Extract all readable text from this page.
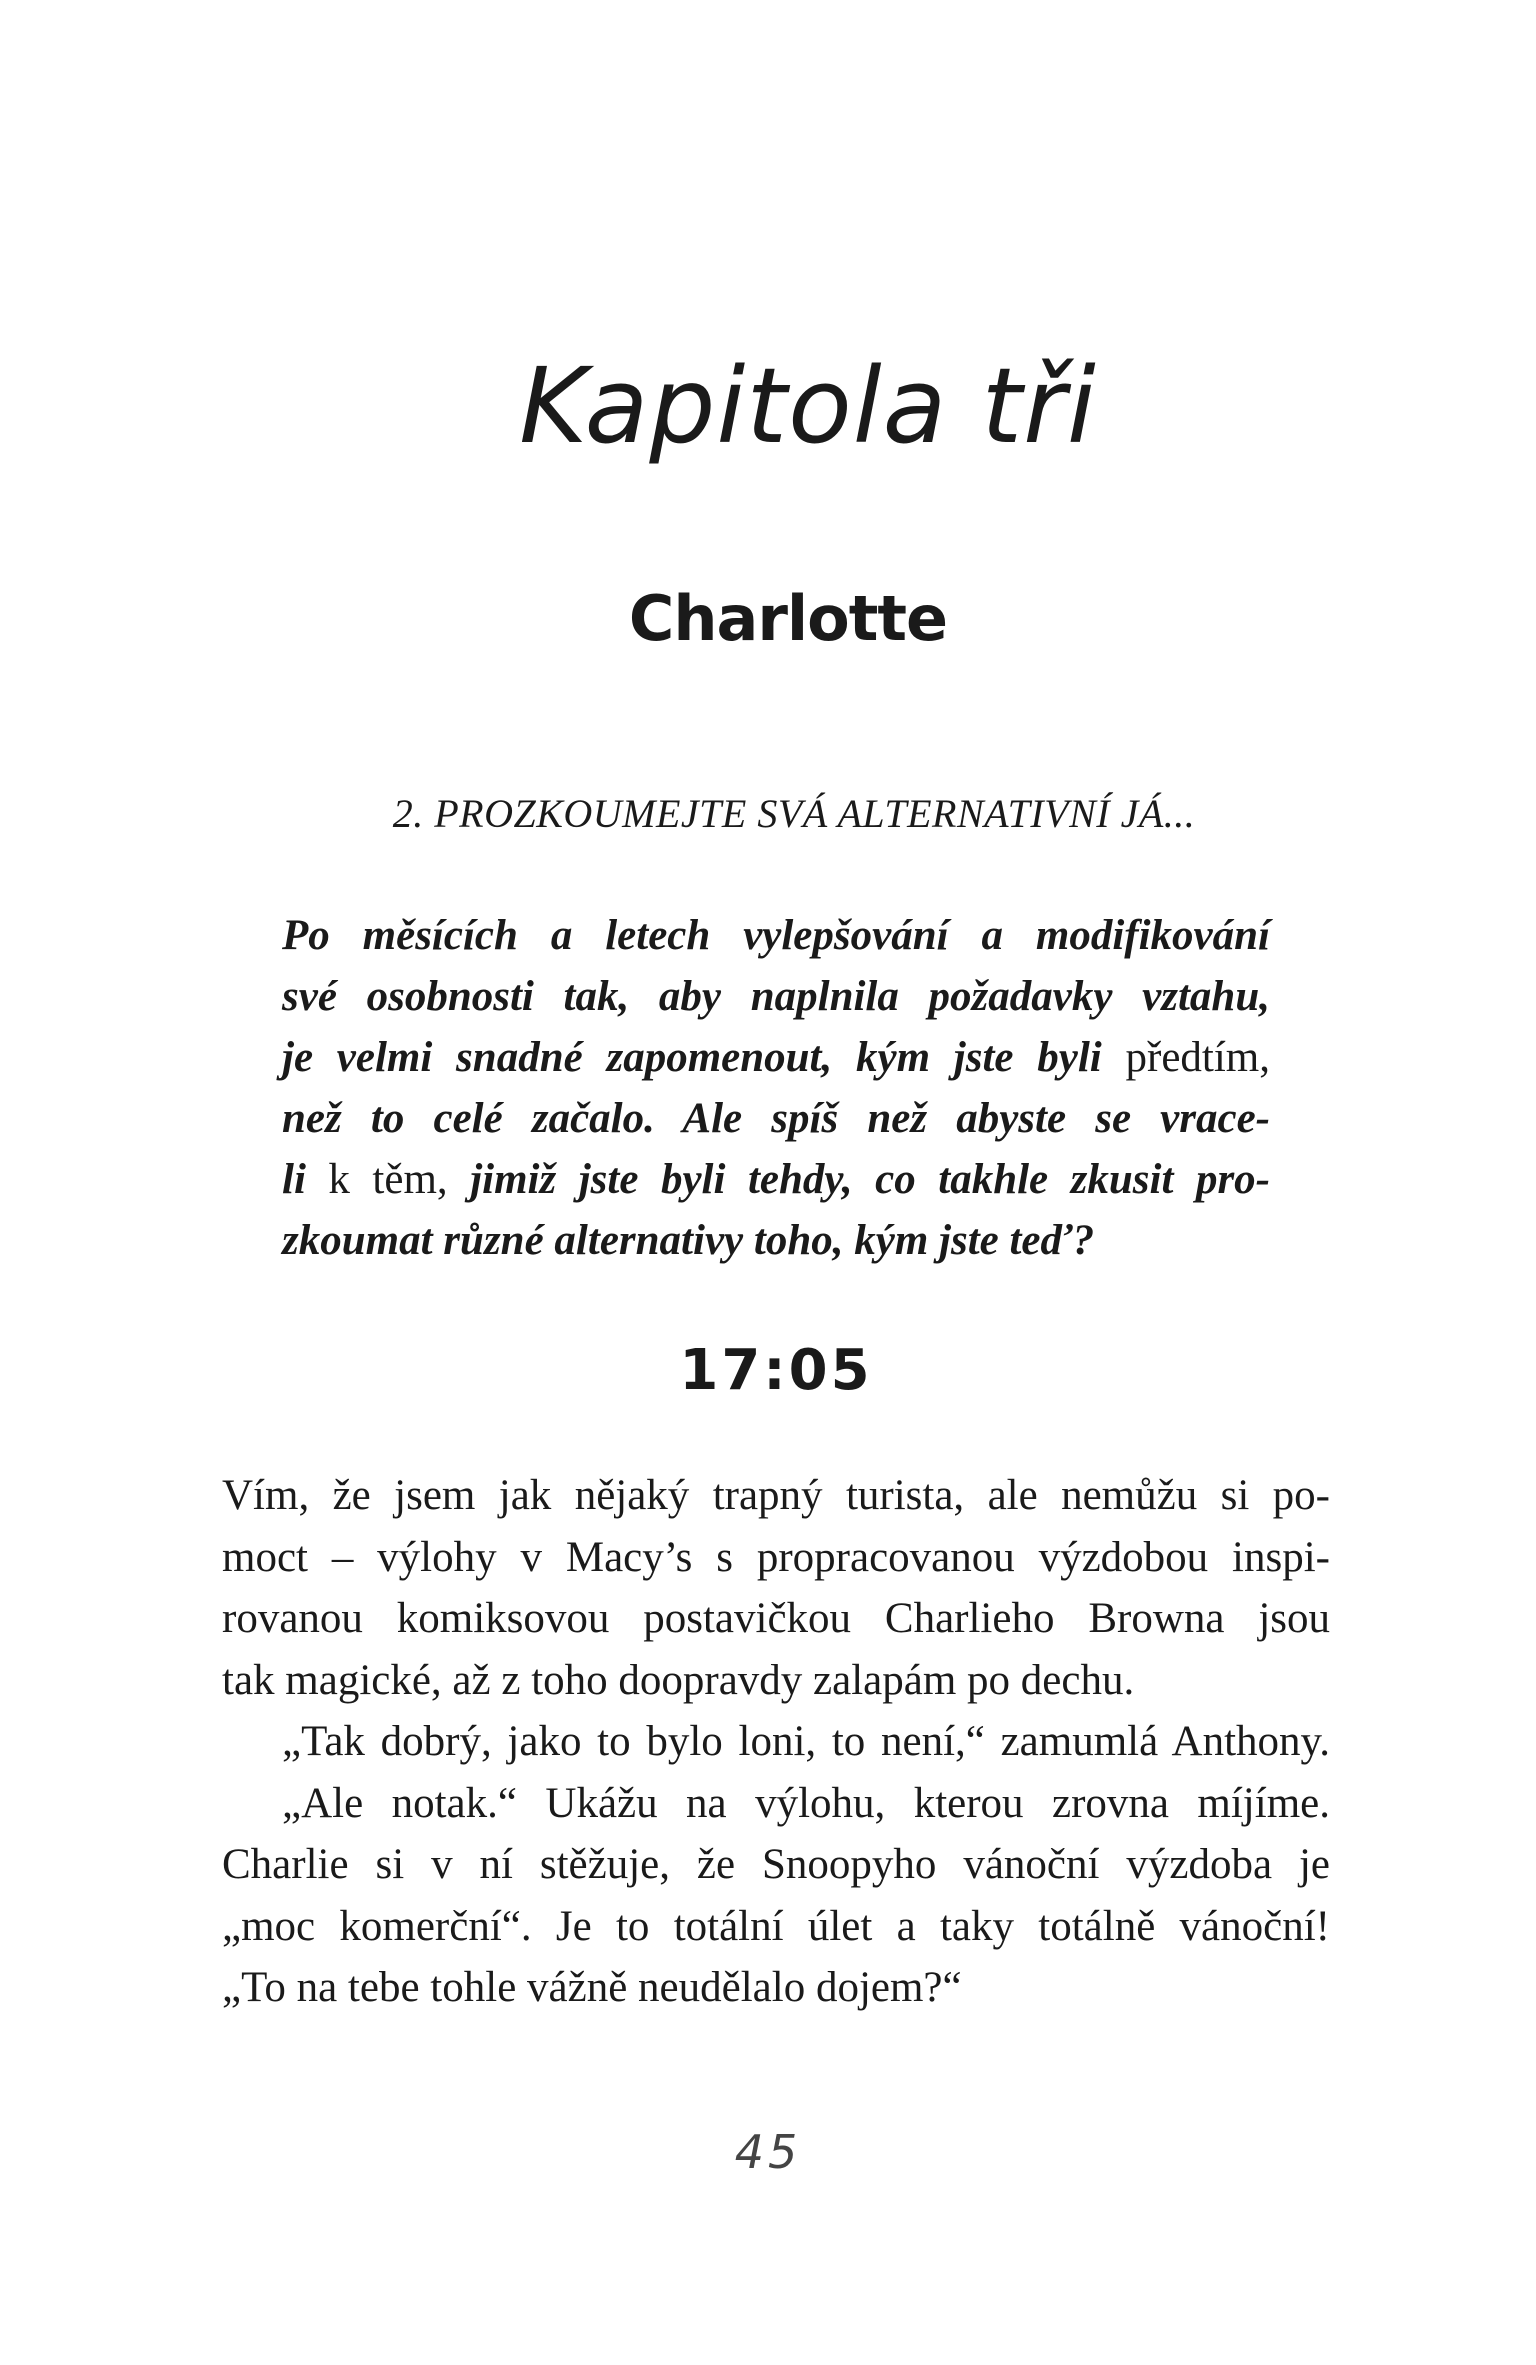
Kapitola tři
Charlotte
2. PROZKOUMEJTE SVÁ ALTERNATIVNÍ JÁ...
Po měsících a letech vylepšování a modifikování
své osobnosti tak, aby naplnila požadavky vztahu,
je velmi snadné zapomenout, kým jste byli předtím,
než to celé začalo. Ale spíš než abyste se vrace-
li k těm, jimiž jste byli tehdy, co takhle zkusit pro-
zkoumat různé alternativy toho, kým jste teď?
17:05
Vím, že jsem jak nějaký trapný turista, ale nemůžu si po-
moct – výlohy v Macy’s s propracovanou výzdobou inspi-
rovanou komiksovou postavičkou Charlieho Browna jsou
tak magické, až z toho doopravdy zalapám po dechu.
„Tak dobrý, jako to bylo loni, to není,“ zamumlá Anthony.
„Ale notak.“ Ukážu na výlohu, kterou zrovna míjíme.
Charlie si v ní stěžuje, že Snoopyho vánoční výzdoba je
„moc komerční“. Je to totální úlet a taky totálně vánoční!
„To na tebe tohle vážně neudělalo dojem?“
45
